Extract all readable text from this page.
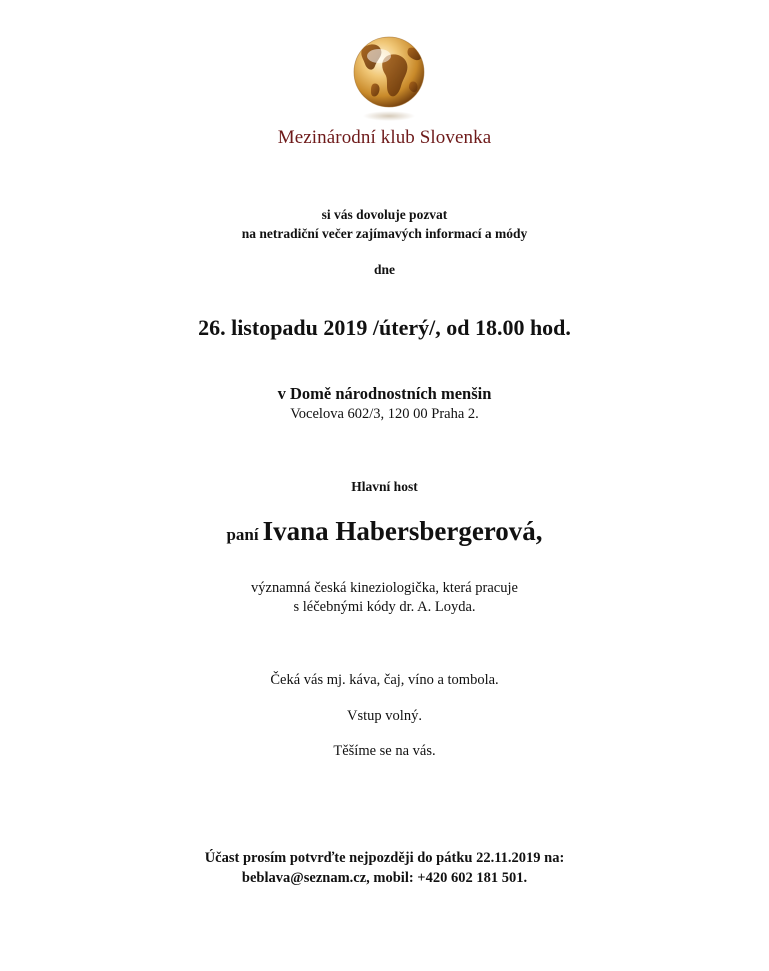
Mezinárodní klub Slovenka
si vás dovoluje pozvat
na netradiční večer zajímavých informací a módy
dne
26. listopadu 2019 /úterý/, od 18.00 hod.
v Domě národnostních menšin
Vocelova 602/3, 120 00 Praha 2.
Hlavní host
paní Ivana Habersbergerová,
významná česká kineziologička, která pracuje
s léčebnými kódy dr. A. Loyda.
Čeká vás mj. káva, čaj, víno a tombola.
Vstup volný.
Těšíme se na vás.
Účast prosím potvrďte nejpozději do pátku 22.11.2019 na:
beblava@seznam.cz, mobil: +420 602 181 501.
